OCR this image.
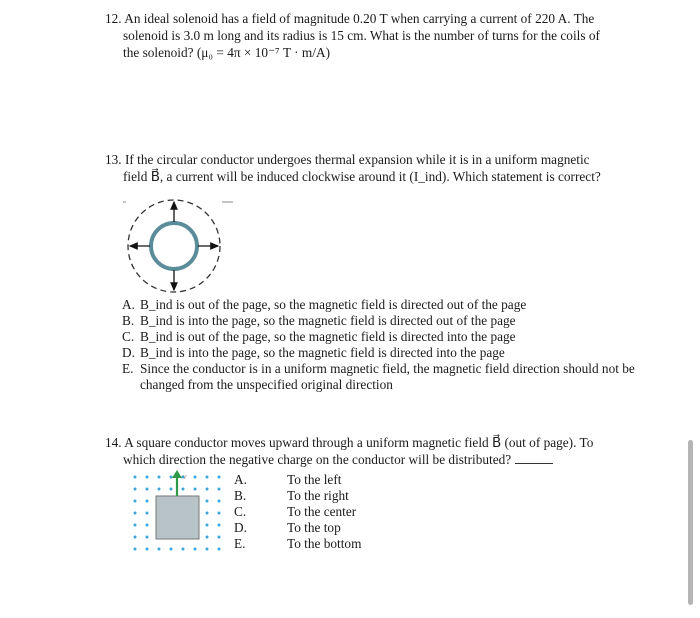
12. An ideal solenoid has a field of magnitude 0.20 T when carrying a current of 220 A. The
solenoid is 3.0 m long and its radius is 15 cm. What is the number of turns for the coils of
the solenoid? (μ₀ = 4π × 10⁻⁷ T · m/A)
13. If the circular conductor undergoes thermal expansion while it is in a uniform magnetic
field B⃗, a current will be induced clockwise around it (I_ind). Which statement is correct?
A. B_ind is out of the page, so the magnetic field is directed out of the page
B. B_ind is into the page, so the magnetic field is directed out of the page
C. B_ind is out of the page, so the magnetic field is directed into the page
D. B_ind is into the page, so the magnetic field is directed into the page
E. Since the conductor is in a uniform magnetic field, the magnetic field direction should not be changed from the unspecified original direction
14. A square conductor moves upward through a uniform magnetic field B⃗ (out of page). To
which direction the negative charge on the conductor will be distributed?
v	A.	To the left
B.	To the right
C.	To the center
D.	To the top
E.	To the bottom
